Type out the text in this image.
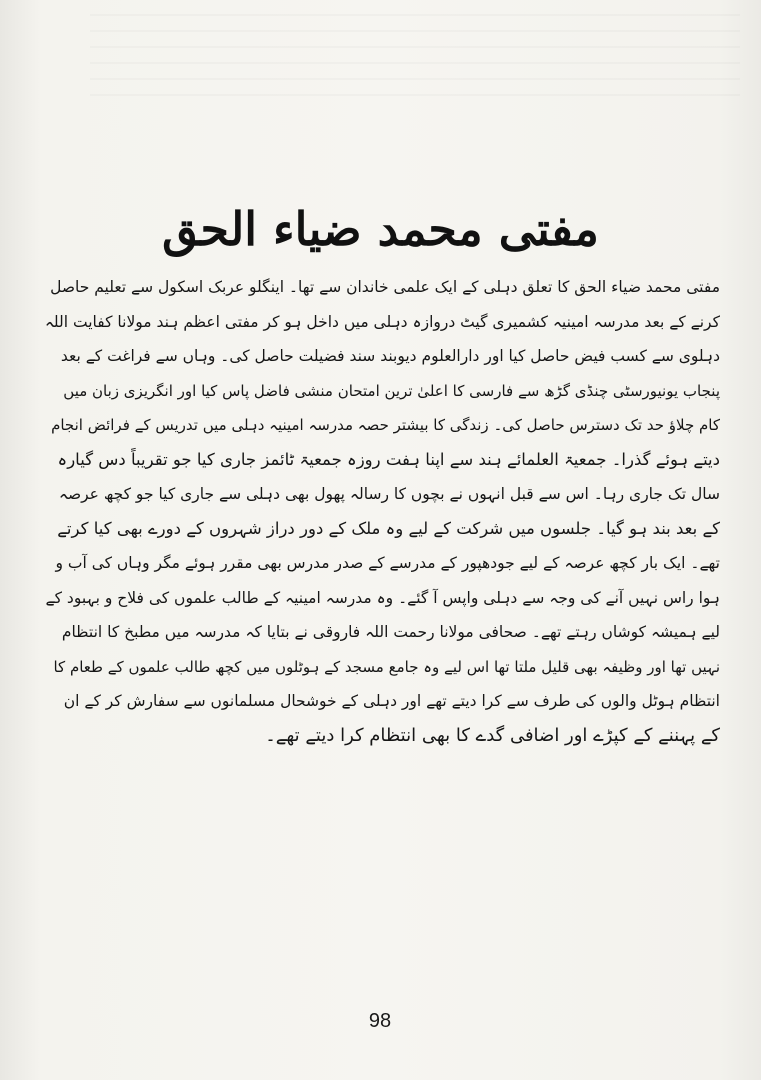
مفتی محمد ضیاء الحق
مفتی محمد ضیاء الحق کا تعلق دہلی کے ایک علمی خاندان سے تھا۔ اینگلو عربک اسکول سے تعلیم حاصل
کرنے کے بعد مدرسہ امینیہ کشمیری گیٹ دروازہ دہلی میں داخل ہو کر مفتی اعظم ہند مولانا کفایت اللہ
دہلوی سے کسب فیض حاصل کیا اور دارالعلوم دیوبند سند فضیلت حاصل کی۔ وہاں سے فراغت کے بعد
پنجاب یونیورسٹی چنڈی گڑھ سے فارسی کا اعلیٰ ترین امتحان منشی فاضل پاس کیا اور انگریزی زبان میں
کام چلاؤ حد تک دسترس حاصل کی۔ زندگی کا بیشتر حصہ مدرسہ امینیہ دہلی میں تدریس کے فرائض انجام
دیتے ہوئے گذرا۔ جمعیۃ العلمائے ہند سے اپنا ہفت روزہ جمعیۃ ٹائمز جاری کیا جو تقریباً دس گیارہ
سال تک جاری رہا۔ اس سے قبل انہوں نے بچوں کا رسالہ پھول بھی دہلی سے جاری کیا جو کچھ عرصہ
کے بعد بند ہو گیا۔ جلسوں میں شرکت کے لیے وہ ملک کے دور دراز شہروں کے دورے بھی کیا کرتے
تھے۔ ایک بار کچھ عرصہ کے لیے جودھپور کے مدرسے کے صدر مدرس بھی مقرر ہوئے مگر وہاں کی آب و
ہوا راس نہیں آنے کی وجہ سے دہلی واپس آ گئے۔ وہ مدرسہ امینیہ کے طالب علموں کی فلاح و بہبود کے
لیے ہمیشہ کوشاں رہتے تھے۔ صحافی مولانا رحمت اللہ فاروقی نے بتایا کہ مدرسہ میں مطبخ کا انتظام
نہیں تھا اور وظیفہ بھی قلیل ملتا تھا اس لیے وہ جامع مسجد کے ہوٹلوں میں کچھ طالب علموں کے طعام کا
انتظام ہوٹل والوں کی طرف سے کرا دیتے تھے اور دہلی کے خوشحال مسلمانوں سے سفارش کر کے ان
کے پہننے کے کپڑے اور اضافی گدے کا بھی انتظام کرا دیتے تھے۔
98
